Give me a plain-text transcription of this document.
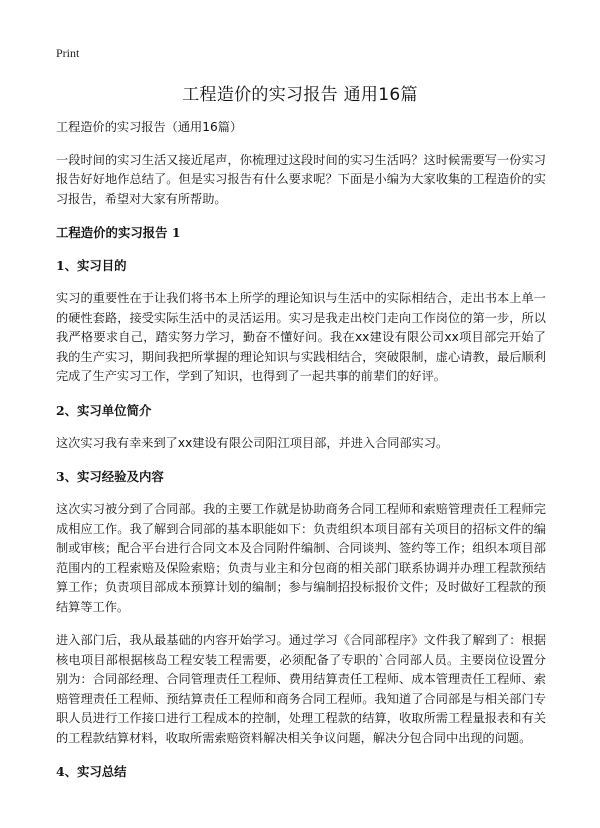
Print
工程造价的实习报告 通用16篇

工程造价的实习报告（通用16篇）

一段时间的实习生活又接近尾声，你梳理过这段时间的实习生活吗？这时候需要写一份实习报告好好地作总结了。但是实习报告有什么要求呢？下面是小编为大家收集的工程造价的实习报告，希望对大家有所帮助。

工程造价的实习报告 1

1、实习目的

实习的重要性在于让我们将书本上所学的理论知识与生活中的实际相结合，走出书本上单一的硬性套路，接受实际生活中的灵活运用。实习是我走出校门走向工作岗位的第一步，所以我严格要求自己，踏实努力学习，勤奋不懂好问。我在xx建设有限公司xx项目部完开始了我的生产实习，期间我把所掌握的理论知识与实践相结合，突破限制，虚心请教，最后顺利完成了生产实习工作，学到了知识，也得到了一起共事的前辈们的好评。

2、实习单位简介

这次实习我有幸来到了xx建设有限公司阳江项目部，并进入合同部实习。

3、实习经验及内容

这次实习被分到了合同部。我的主要工作就是协助商务合同工程师和索赔管理责任工程师完成相应工作。我了解到合同部的基本职能如下：负责组织本项目部有关项目的招标文件的编制或审核；配合平台进行合同文本及合同附件编制、合同谈判、签约等工作；组织本项目部范围内的工程索赔及保险索赔；负责与业主和分包商的相关部门联系协调并办理工程款预结算工作；负责项目部成本预算计划的编制；参与编制招投标报价文件；及时做好工程款的预结算等工作。

进入部门后，我从最基础的内容开始学习。通过学习《合同部程序》文件我了解到了：根据核电项目部根据核岛工程安装工程需要，必须配备了专职的`合同部人员。主要岗位设置分别为：合同部经理、合同管理责任工程师、费用结算责任工程师、成本管理责任工程师、索赔管理责任工程师、预结算责任工程师和商务合同工程师。我知道了合同部是与相关部门专职人员进行工作接口进行工程成本的控制，处理工程款的结算，收取所需工程量报表和有关的工程款结算材料，收取所需索赔资料解决相关争议问题，解决分包合同中出现的问题。

4、实习总结
